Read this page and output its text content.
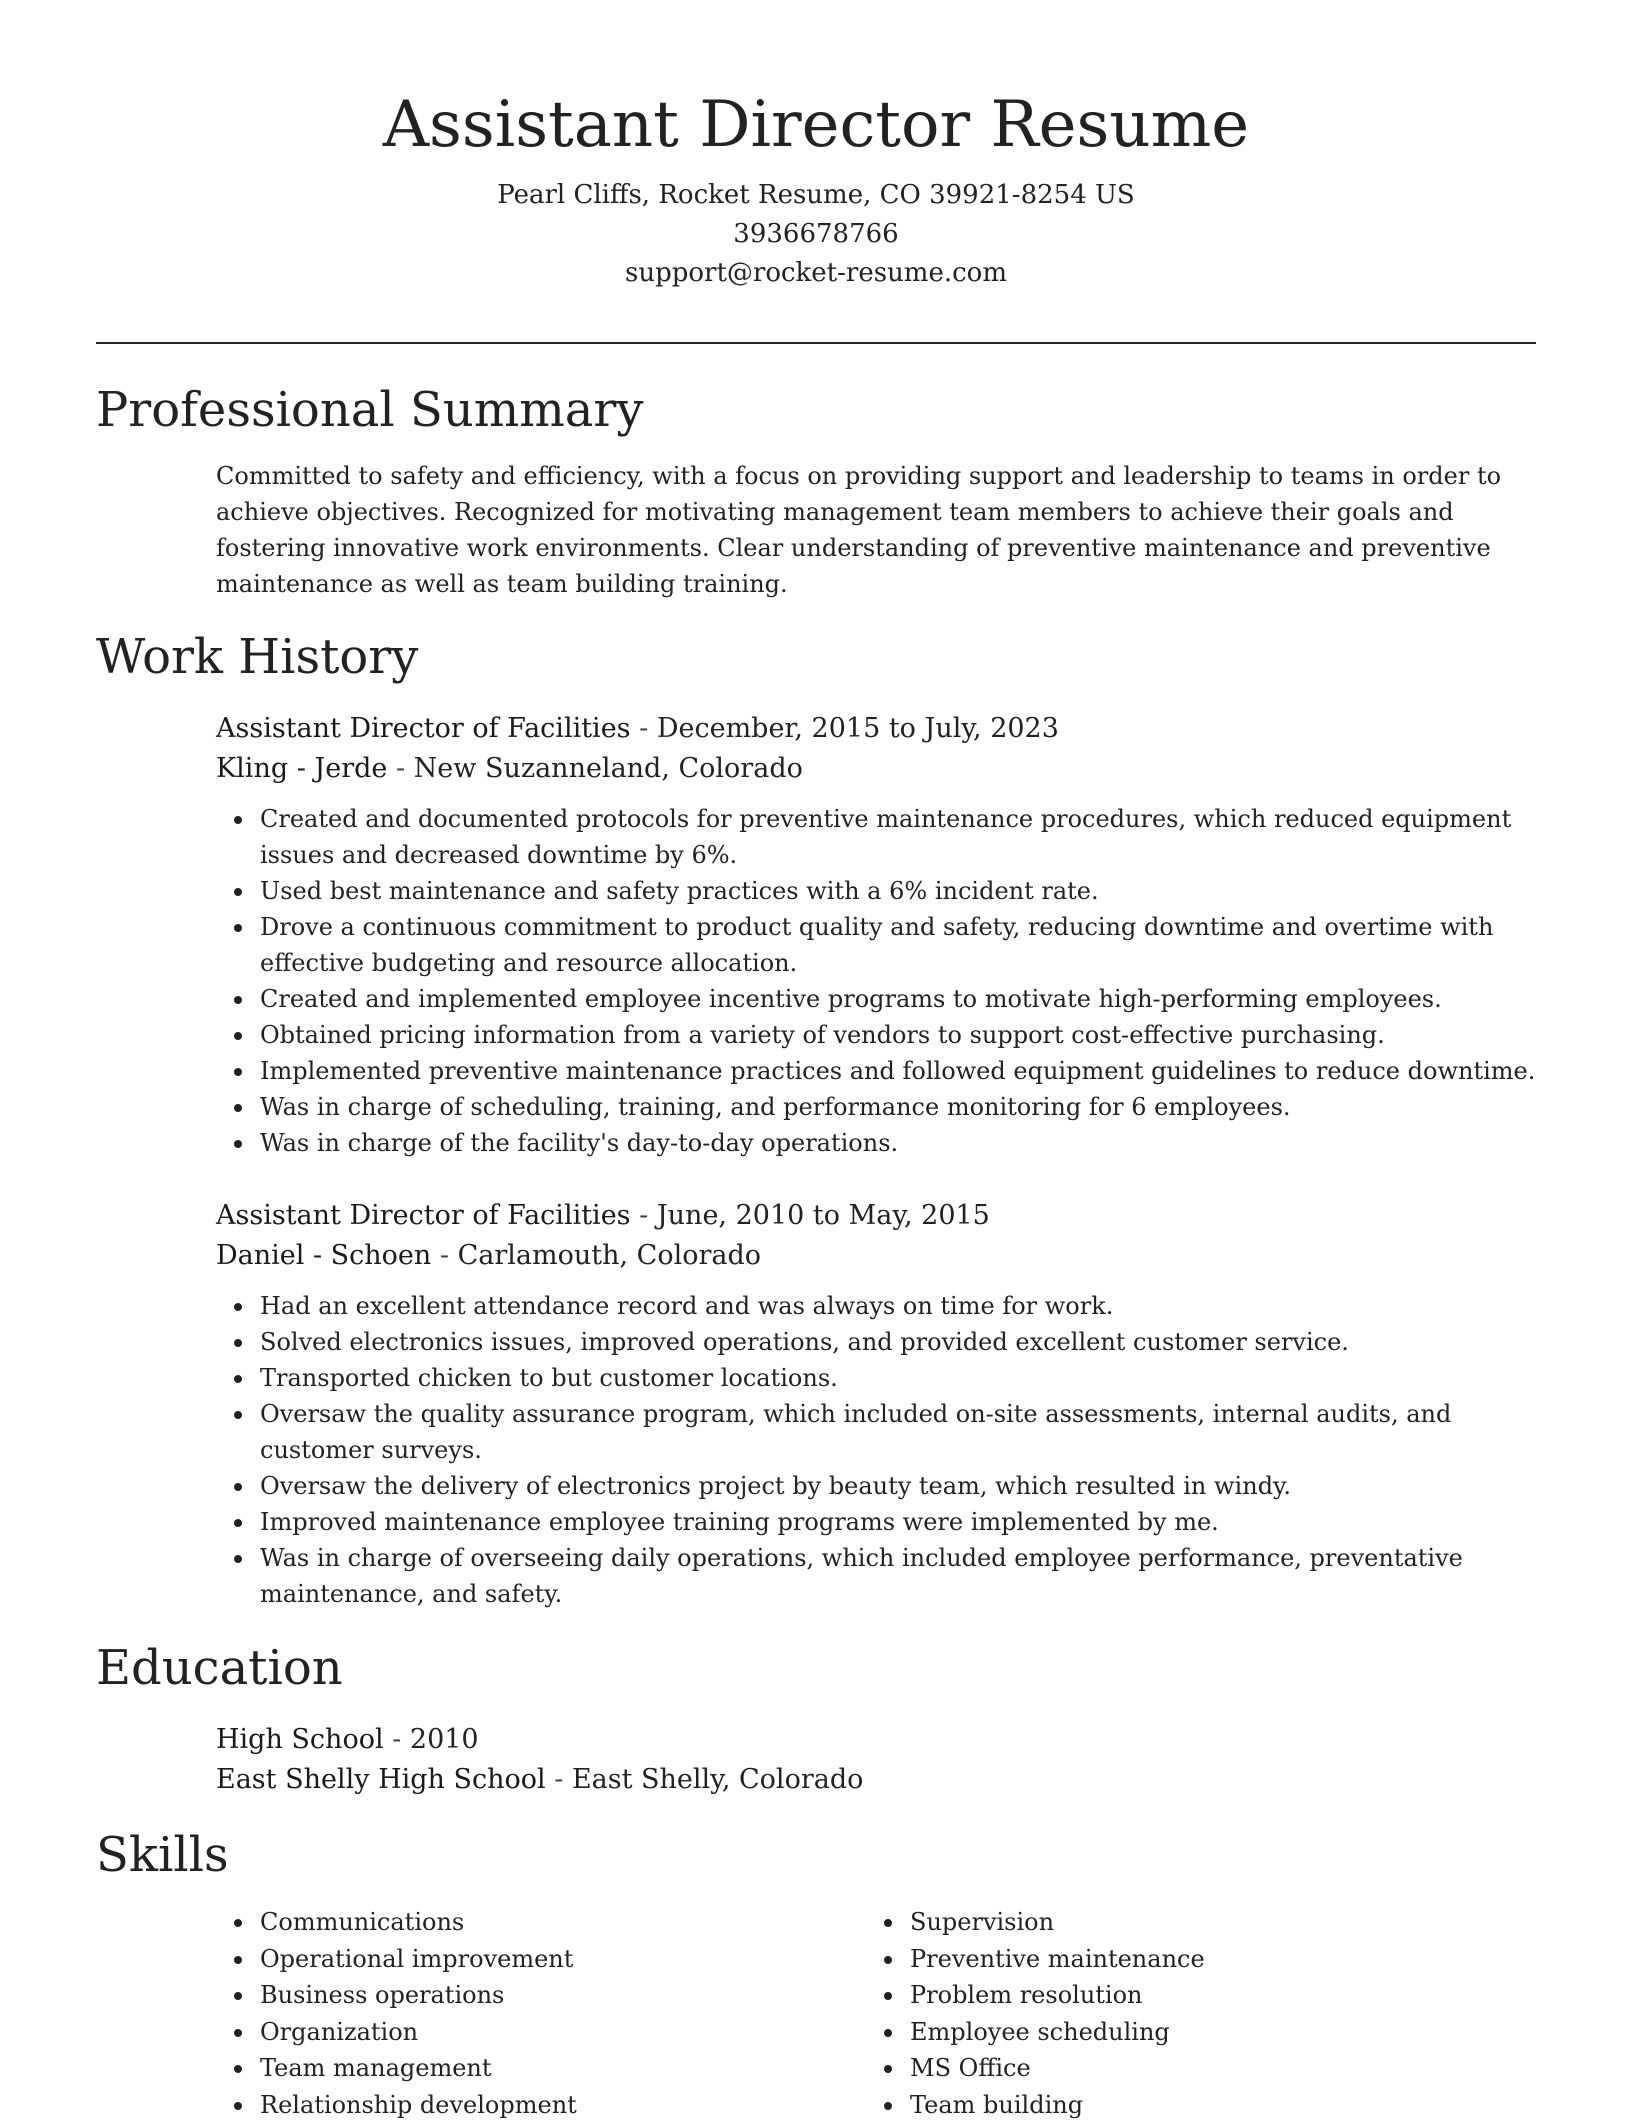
Assistant Director Resume
Pearl Cliffs, Rocket Resume, CO 39921-8254 US
3936678766
support@rocket-resume.com
Professional Summary

Committed to safety and efficiency, with a focus on providing support and leadership to teams in order to achieve objectives. Recognized for motivating management team members to achieve their goals and fostering innovative work environments. Clear understanding of preventive maintenance and preventive maintenance as well as team building training.

Work History
Assistant Director of Facilities - December, 2015 to July, 2023
Kling - Jerde - New Suzanneland, Colorado
Created and documented protocols for preventive maintenance procedures, which reduced equipment issues and decreased downtime by 6%.
Used best maintenance and safety practices with a 6% incident rate.
Drove a continuous commitment to product quality and safety, reducing downtime and overtime with effective budgeting and resource allocation.
Created and implemented employee incentive programs to motivate high-performing employees.
Obtained pricing information from a variety of vendors to support cost-effective purchasing.
Implemented preventive maintenance practices and followed equipment guidelines to reduce downtime.
Was in charge of scheduling, training, and performance monitoring for 6 employees.
Was in charge of the facility's day-to-day operations.
Assistant Director of Facilities - June, 2010 to May, 2015
Daniel - Schoen - Carlamouth, Colorado
Had an excellent attendance record and was always on time for work.
Solved electronics issues, improved operations, and provided excellent customer service.
Transported chicken to but customer locations.
Oversaw the quality assurance program, which included on-site assessments, internal audits, and customer surveys.
Oversaw the delivery of electronics project by beauty team, which resulted in windy.
Improved maintenance employee training programs were implemented by me.
Was in charge of overseeing daily operations, which included employee performance, preventative maintenance, and safety.
Education
High School - 2010
East Shelly High School - East Shelly, Colorado
Skills
Communications
Operational improvement
Business operations
Organization
Team management
Relationship development
Supervision
Preventive maintenance
Problem resolution
Employee scheduling
MS Office
Team building
